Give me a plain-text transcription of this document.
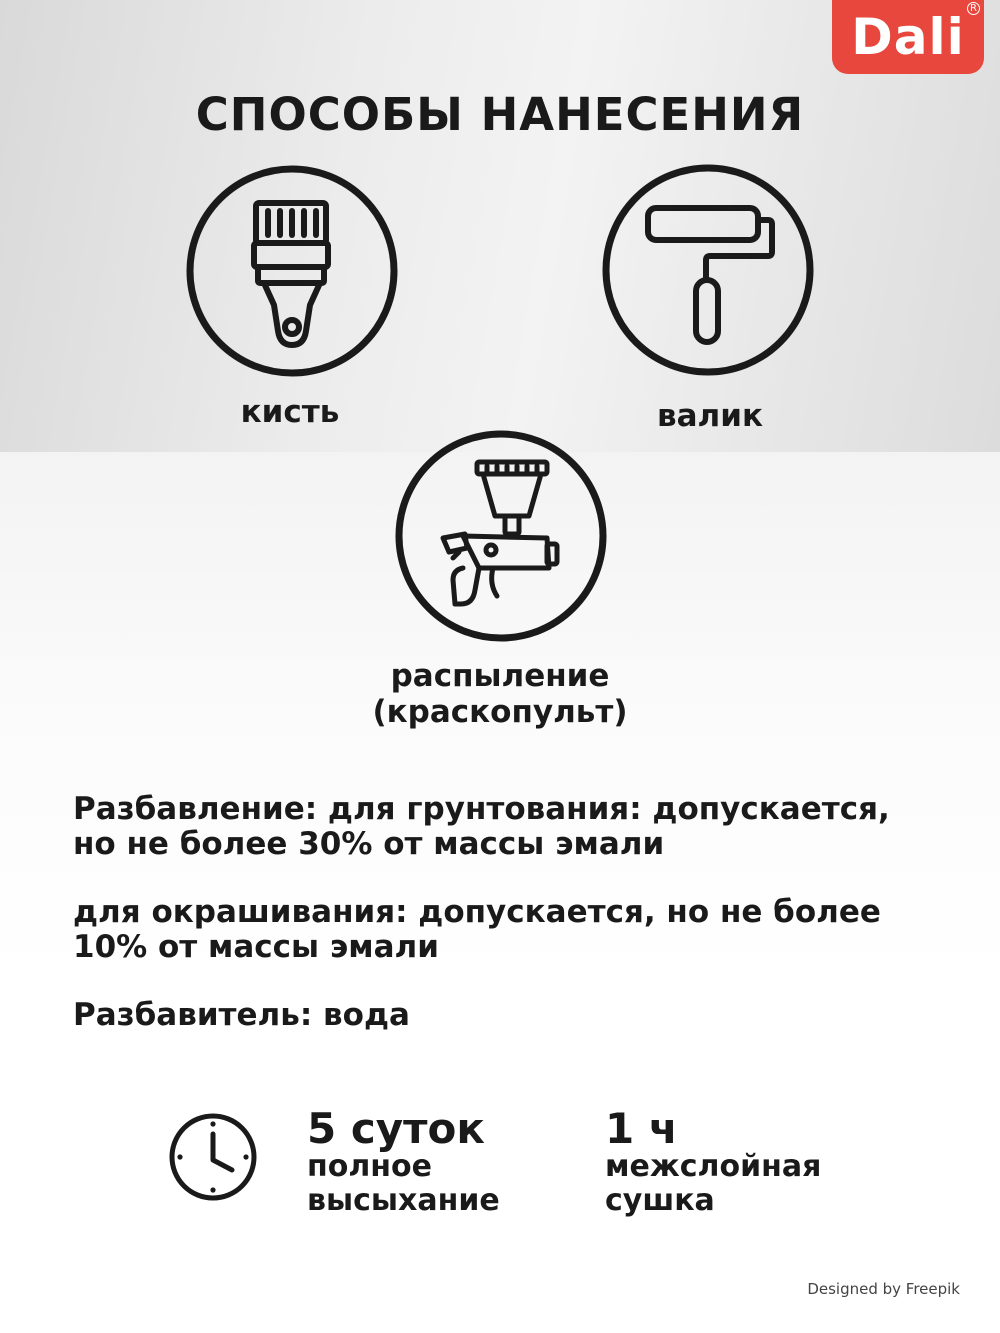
Dali R
СПОСОБЫ НАНЕСЕНИЯ
кисть	валик
распыление
(краскопульт)
Разбавление: для грунтования: допускается,
но не более 30% от массы эмали
для окрашивания: допускается, но не более
10% от массы эмали
Разбавитель: вода
5 суток
полное
высыхание
1 ч
межслойная
сушка
Designed by Freepik
